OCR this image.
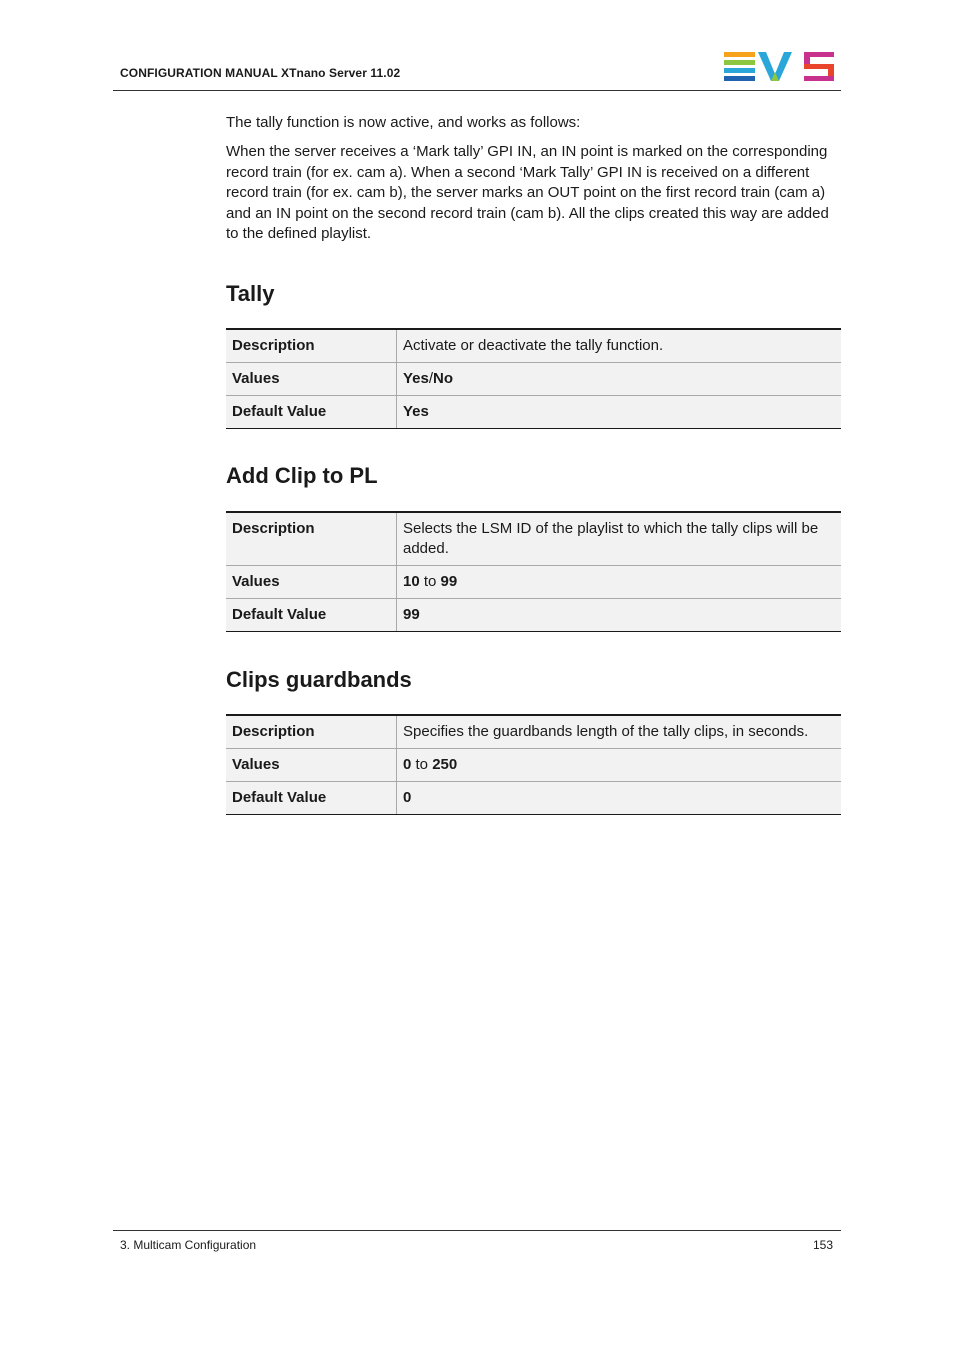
CONFIGURATION MANUAL XTnano Server 11.02

The tally function is now active, and works as follows:

When the server receives a ‘Mark tally’ GPI IN, an IN point is marked on the corresponding record train (for ex. cam a). When a second ‘Mark Tally’ GPI IN is received on a different record train (for ex. cam b), the server marks an OUT point on the first record train (cam a) and an IN point on the second record train (cam b). All the clips created this way are added to the defined playlist.

Tally
Description	Activate or deactivate the tally function.
Values	Yes/No
Default Value	Yes
Add Clip to PL
Description	Selects the LSM ID of the playlist to which the tally clips will be added.
Values	10 to 99
Default Value	99
Clips guardbands
Description	Specifies the guardbands length of the tally clips, in seconds.
Values	0 to 250
Default Value	0
3. Multicam Configuration	153
